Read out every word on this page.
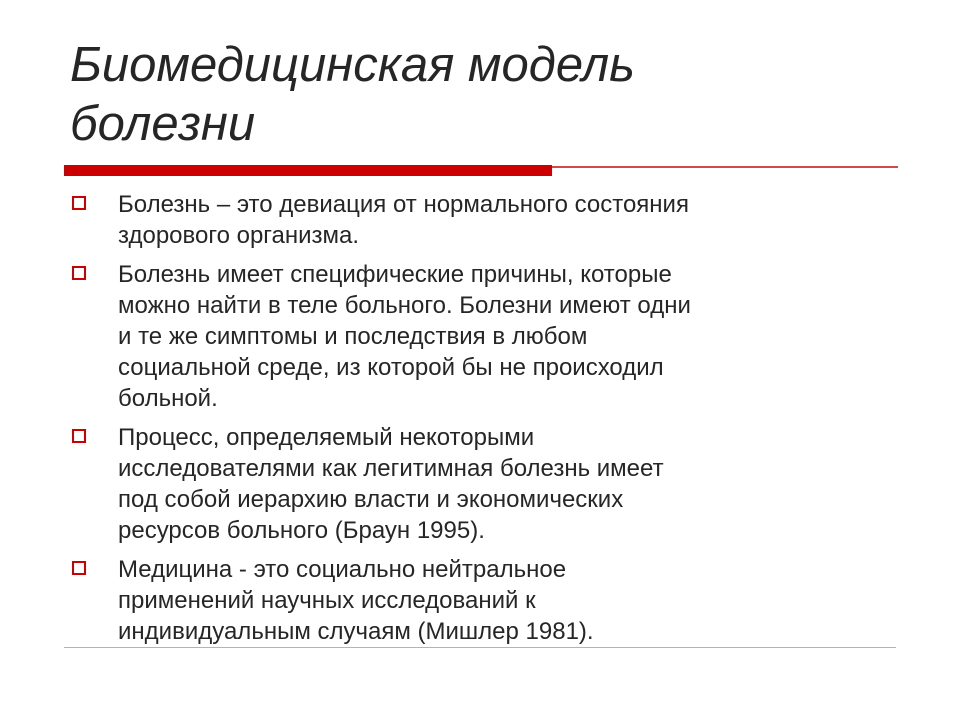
Биомедицинская модель
болезни
Болезнь – это девиация от нормального состояния
здорового организма.
Болезнь имеет специфические причины, которые
можно найти в теле больного. Болезни имеют одни
и те же симптомы и последствия в любом
социальной среде, из которой бы не происходил
больной.
Процесс, определяемый некоторыми
исследователями как легитимная болезнь имеет
под собой иерархию власти и экономических
ресурсов больного (Браун 1995).
Медицина - это социально нейтральное
применений научных исследований к
индивидуальным случаям (Мишлер 1981).
